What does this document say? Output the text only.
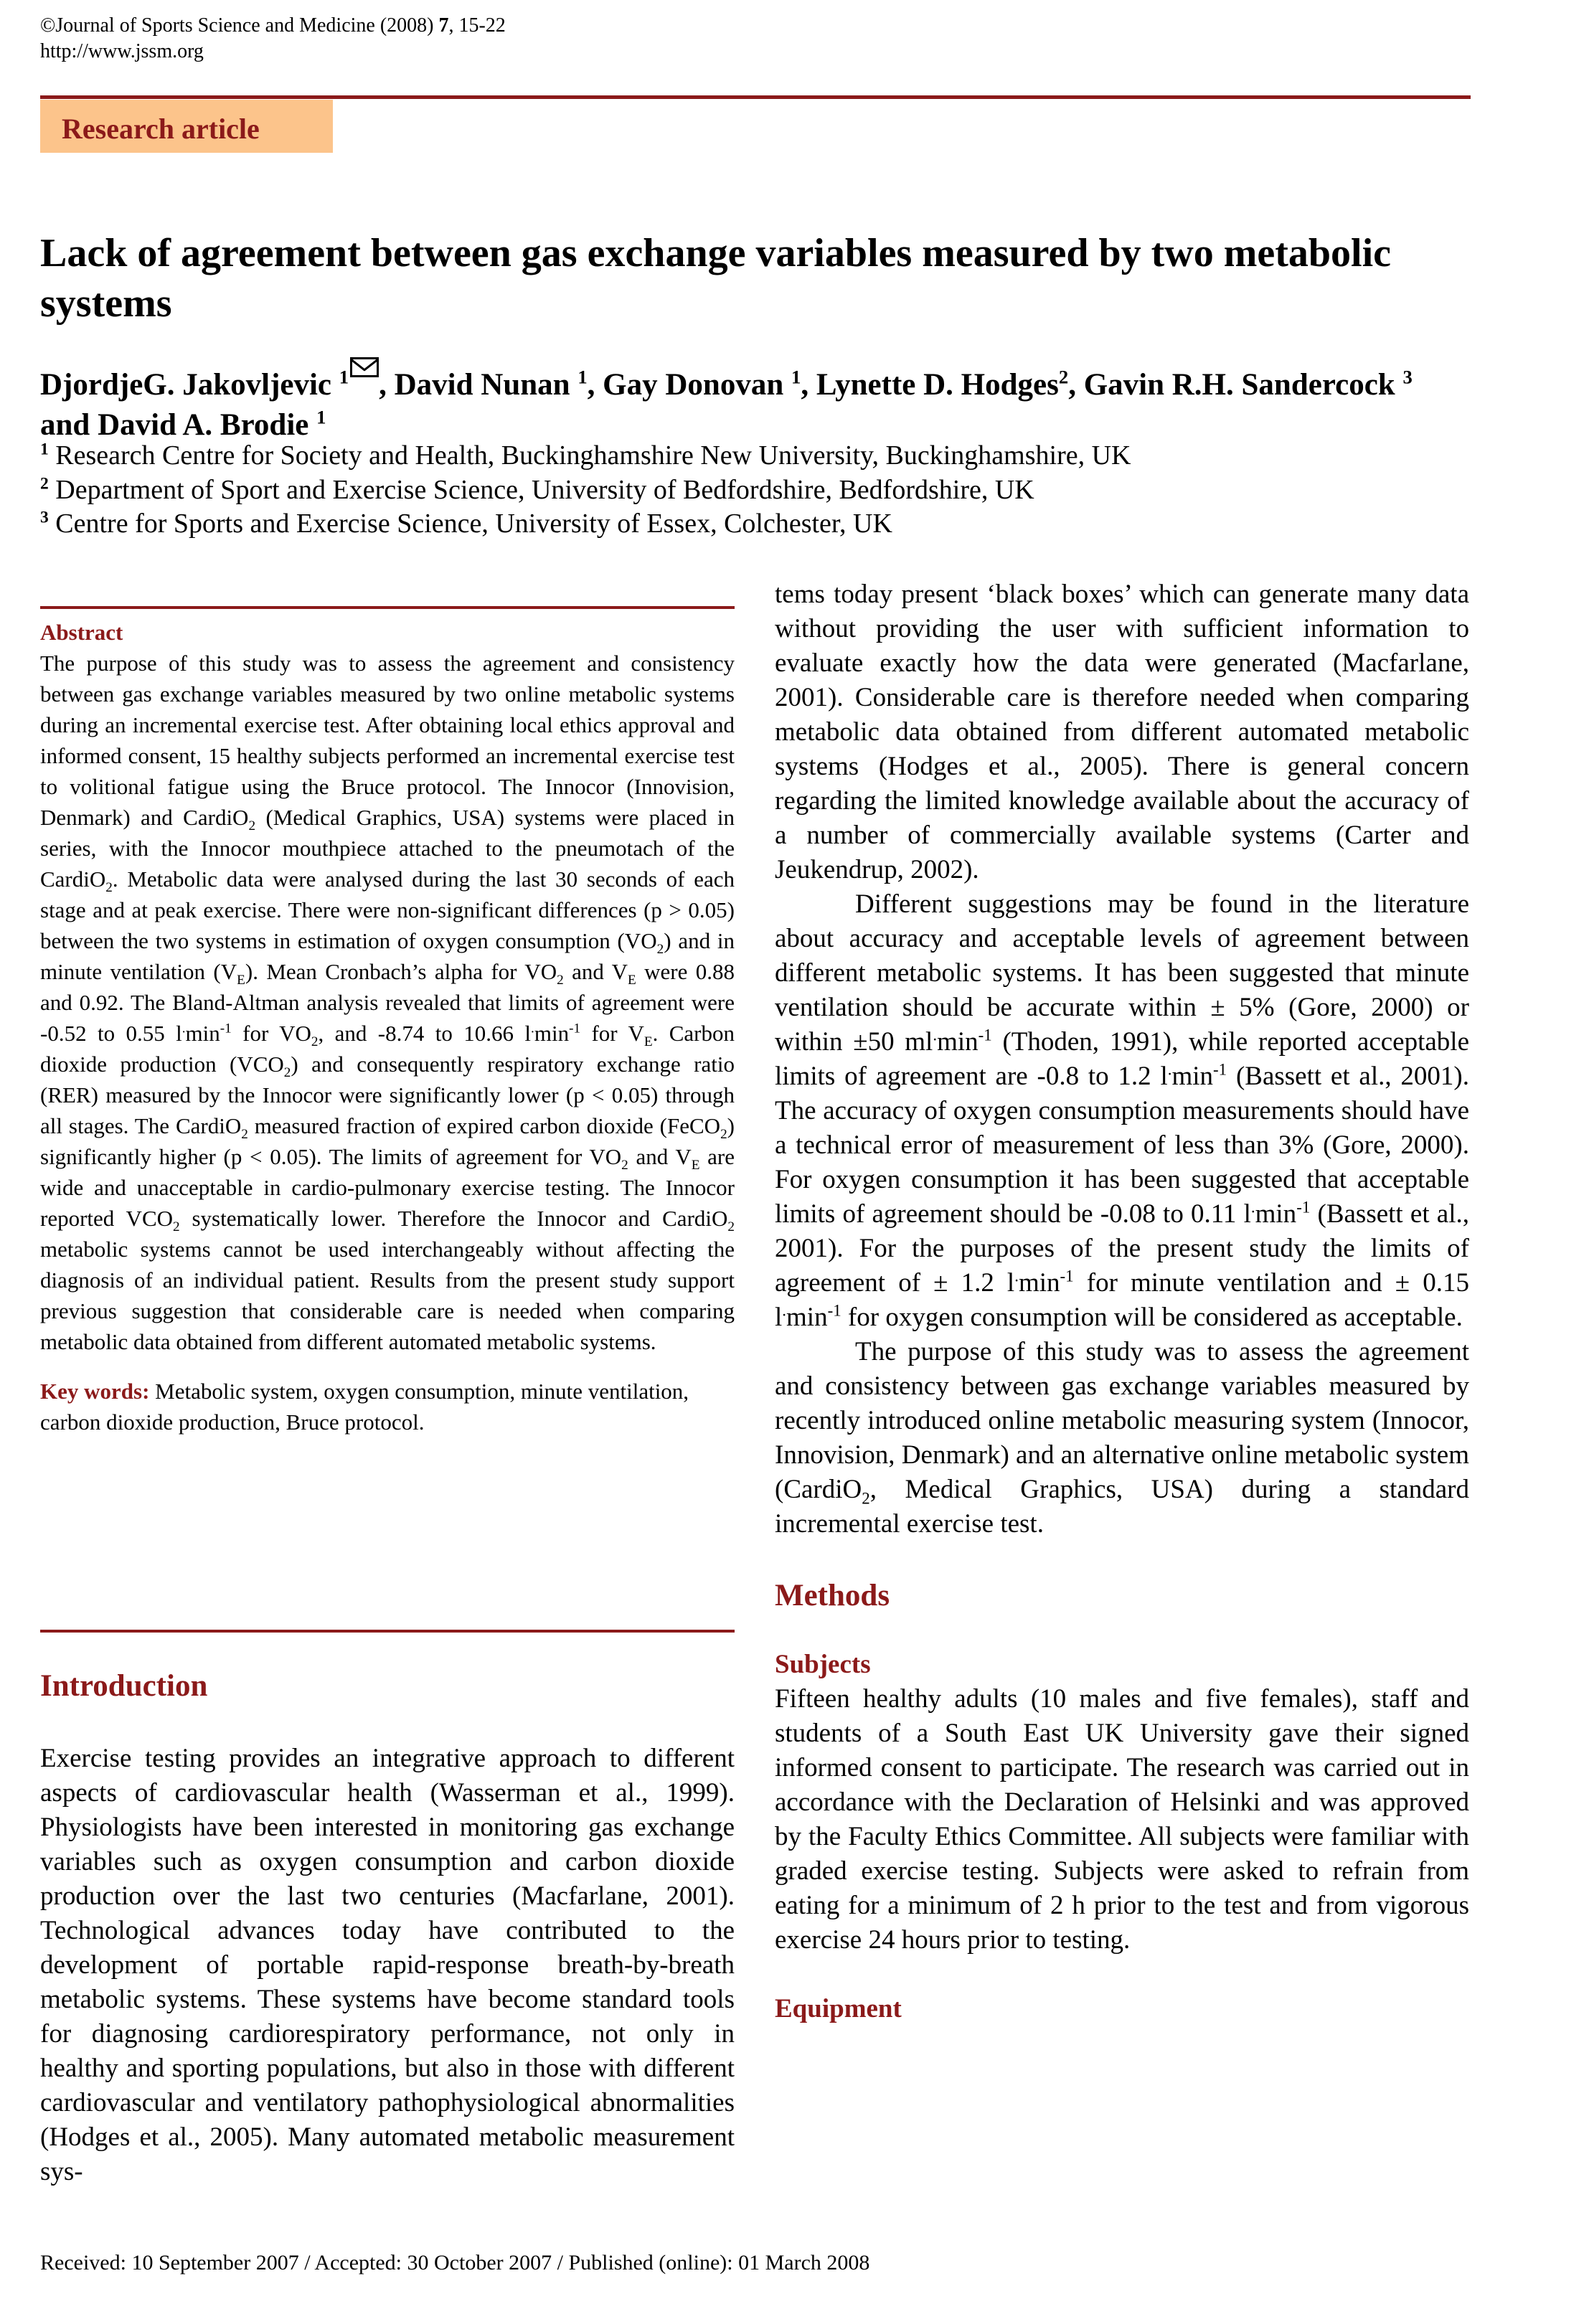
©Journal of Sports Science and Medicine (2008) 7, 15-22
http://www.jssm.org
Research article
Lack of agreement between gas exchange variables measured by two metabolic systems
DjordjeG. Jakovljevic $^1$ , David Nunan $^1$, Gay Donovan $^1$, Lynette D. Hodges$^2$, Gavin R.H. Sandercock $^3$
and David A. Brodie $^1$
$^1$ Research Centre for Society and Health, Buckinghamshire New University, Buckinghamshire, UK
$^2$ Department of Sport and Exercise Science, University of Bedfordshire, Bedfordshire, UK
$^3$ Centre for Sports and Exercise Science, University of Essex, Colchester, UK
Abstract

The purpose of this study was to assess the agreement and consistency between gas exchange variables measured by two online metabolic systems during an incremental exercise test. After obtaining local ethics approval and informed consent, 15 healthy subjects performed an incremental exercise test to volitional fatigue using the Bruce protocol. The Innocor (Innovision, Denmark) and CardiO$_2$ (Medical Graphics, USA) systems were placed in series, with the Innocor mouthpiece attached to the pneumotach of the CardiO$_2$. Metabolic data were analysed during the last 30 seconds of each stage and at peak exercise. There were non-significant differences (p > 0.05) between the two systems in estimation of oxygen consumption $(VO_2)$ and in minute ventilation $(V_E)$. Mean Cronbach’s alpha for $VO_2$ and $V_E$ were 0.88 and 0.92. The Bland-Altman analysis revealed that limits of agreement were -0.52 to 0.55 $l^.\min^{-1}$ for $VO_2$, and -8.74 to 10.66 $l^.\min^{-1}$ for $V_E$. Carbon dioxide production $(VCO_2)$ and consequently respiratory exchange ratio (RER) measured by the Innocor were significantly lower (p < 0.05) through all stages. The CardiO$_2$ measured fraction of expired carbon dioxide (FeCO$_2$) significantly higher (p < 0.05). The limits of agreement for $VO_2$ and $V_E$ are wide and unacceptable in cardio-pulmonary exercise testing. The Innocor reported $VCO_2$ systematically lower. Therefore the Innocor and CardiO$_2$ metabolic systems cannot be used interchangeably without affecting the diagnosis of an individual patient. Results from the present study support previous suggestion that considerable care is needed when comparing metabolic data obtained from different automated metabolic systems.

Key words: Metabolic system, oxygen consumption, minute ventilation, carbon dioxide production, Bruce protocol.

Introduction

Exercise testing provides an integrative approach to different aspects of cardiovascular health (Wasserman et al., 1999). Physiologists have been interested in monitoring gas exchange variables such as oxygen consumption and carbon dioxide production over the last two centuries (Macfarlane, 2001). Technological advances today have contributed to the development of portable rapid-response breath-by-breath metabolic systems. These systems have become standard tools for diagnosing cardiorespiratory performance, not only in healthy and sporting populations, but also in those with different cardiovascular and ventilatory pathophysiological abnormalities (Hodges et al., 2005). Many automated metabolic measurement sys-

tems today present ‘black boxes’ which can generate many data without providing the user with sufficient information to evaluate exactly how the data were generated (Macfarlane, 2001). Considerable care is therefore needed when comparing metabolic data obtained from different automated metabolic systems (Hodges et al., 2005). There is general concern regarding the limited knowledge available about the accuracy of a number of commercially available systems (Carter and Jeukendrup, 2002).

Different suggestions may be found in the literature about accuracy and acceptable levels of agreement between different metabolic systems. It has been suggested that minute ventilation should be accurate within ± 5% (Gore, 2000) or within ±50 $ml^.\min^{-1}$ (Thoden, 1991), while reported acceptable limits of agreement are -0.8 to 1.2 $l^.\min^{-1}$ (Bassett et al., 2001). The accuracy of oxygen consumption measurements should have a technical error of measurement of less than 3% (Gore, 2000). For oxygen consumption it has been suggested that acceptable limits of agreement should be -0.08 to 0.11 $l^.\min^{-1}$ (Bassett et al., 2001). For the purposes of the present study the limits of agreement of ± 1.2 $l^.\min^{-1}$ for minute ventilation and ± 0.15 $l^.\min^{-1}$ for oxygen consumption will be considered as acceptable.

The purpose of this study was to assess the agreement and consistency between gas exchange variables measured by recently introduced online metabolic measuring system (Innocor, Innovision, Denmark) and an alternative online metabolic system (CardiO$_2$, Medical Graphics, USA) during a standard incremental exercise test.

Methods
Subjects

Fifteen healthy adults (10 males and five females), staff and students of a South East UK University gave their signed informed consent to participate. The research was carried out in accordance with the Declaration of Helsinki and was approved by the Faculty Ethics Committee. All subjects were familiar with graded exercise testing. Subjects were asked to refrain from eating for a minimum of 2 h prior to the test and from vigorous exercise 24 hours prior to testing.

Equipment
Received: 10 September 2007 / Accepted: 30 October 2007 / Published (online): 01 March 2008
